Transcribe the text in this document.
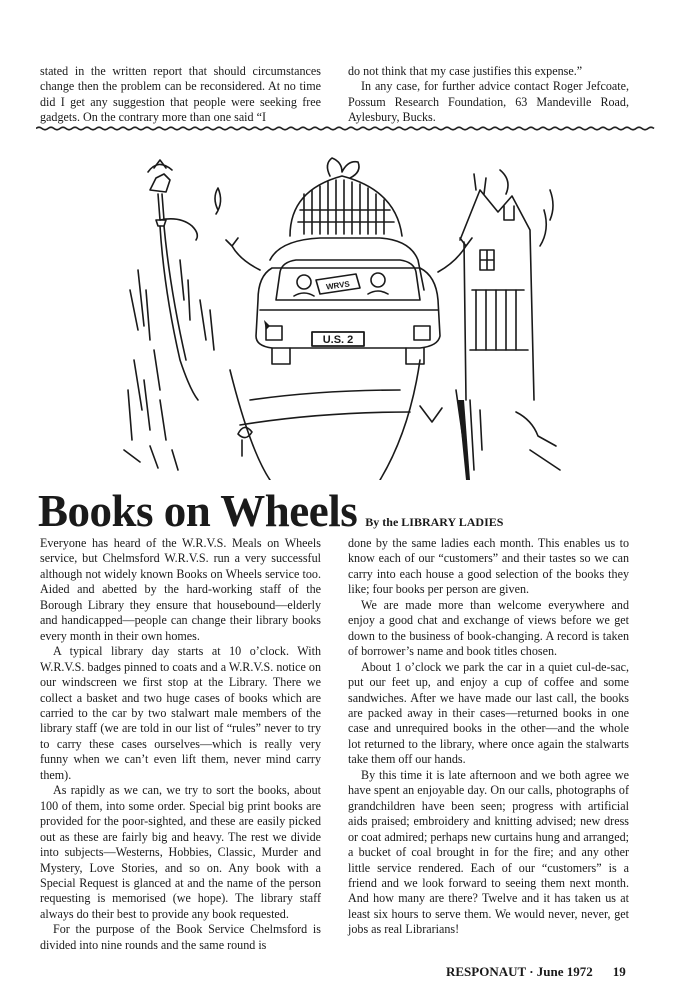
stated in the written report that should circumstances change then the problem can be reconsidered. At no time did I get any suggestion that people were seeking free gadgets. On the contrary more than one said “I

do not think that my case justifies this expense.”

In any case, for further advice contact Roger Jefcoate, Possum Research Foundation, 63 Mandeville Road, Aylesbury, Bucks.

U.S. 2
WRVS
Books on Wheels By the LIBRARY LADIES

Everyone has heard of the W.R.V.S. Meals on Wheels service, but Chelmsford W.R.V.S. run a very successful although not widely known Books on Wheels service too. Aided and abetted by the hard-working staff of the Borough Library they ensure that housebound—elderly and handicapped—people can change their library books every month in their own homes.

A typical library day starts at 10 o’clock. With W.R.V.S. badges pinned to coats and a W.R.V.S. notice on our windscreen we first stop at the Library. There we collect a basket and two huge cases of books which are carried to the car by two stalwart male members of the library staff (we are told in our list of “rules” never to try to carry these cases ourselves—which is really very funny when we can’t even lift them, never mind carry them).

As rapidly as we can, we try to sort the books, about 100 of them, into some order. Special big print books are provided for the poor-sighted, and these are easily picked out as these are fairly big and heavy. The rest we divide into subjects—Westerns, Hobbies, Classic, Murder and Mystery, Love Stories, and so on. Any book with a Special Request is glanced at and the name of the person requesting is memorised (we hope). The library staff always do their best to provide any book requested.

For the purpose of the Book Service Chelmsford is divided into nine rounds and the same round is

done by the same ladies each month. This enables us to know each of our “customers” and their tastes so we can carry into each house a good selection of the books they like; four books per person are given.

We are made more than welcome everywhere and enjoy a good chat and exchange of views before we get down to the business of book-changing. A record is taken of borrower’s name and book titles chosen.

About 1 o’clock we park the car in a quiet cul-de-sac, put our feet up, and enjoy a cup of coffee and some sandwiches. After we have made our last call, the books are packed away in their cases—returned books in one case and unrequired books in the other—and the whole lot returned to the library, where once again the stalwarts take them off our hands.

By this time it is late afternoon and we both agree we have spent an enjoyable day. On our calls, photographs of grandchildren have been seen; progress with artificial aids praised; embroidery and knitting advised; new dress or coat admired; perhaps new curtains hung and arranged; a bucket of coal brought in for the fire; and any other little service rendered. Each of our “customers” is a friend and we look forward to seeing them next month. And how many are there? Twelve and it has taken us at least six hours to serve them. We would never, never, get jobs as real Librarians!

RESPONAUT · June 1972 19
